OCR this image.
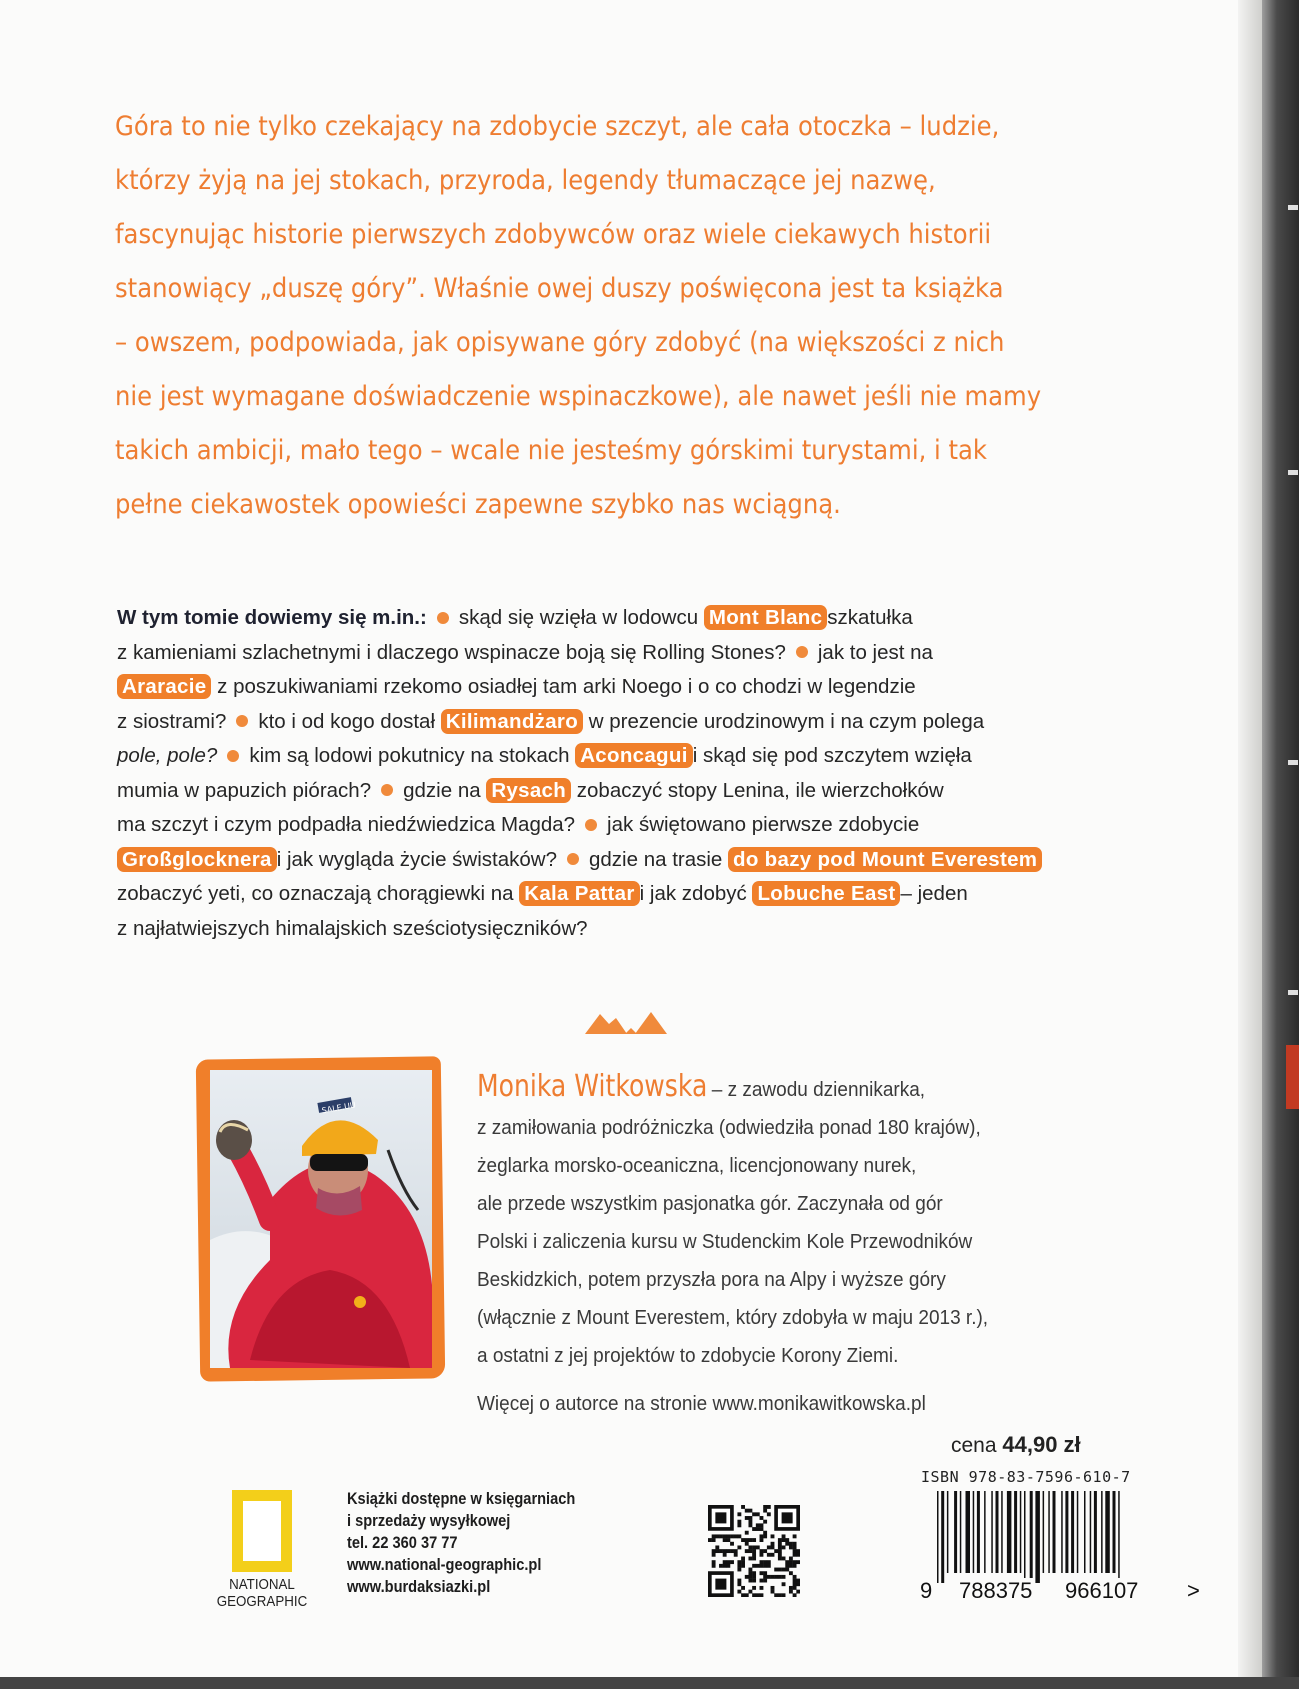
Góra to nie tylko czekający na zdobycie szczyt, ale cała otoczka – ludzie,
którzy żyją na jej stokach, przyroda, legendy tłumaczące jej nazwę,
fascynując historie pierwszych zdobywców oraz wiele ciekawych historii
stanowiący „duszę góry”. Właśnie owej duszy poświęcona jest ta książka
– owszem, podpowiada, jak opisywane góry zdobyć (na większości z nich
nie jest wymagane doświadczenie wspinaczkowe), ale nawet jeśli nie mamy
takich ambicji, mało tego – wcale nie jesteśmy górskimi turystami, i tak
pełne ciekawostek opowieści zapewne szybko nas wciągną.
W tym tomie dowiemy się m.in.: skąd się wzięła w lodowcu Mont Blanc szkatułka
z kamieniami szlachetnymi i dlaczego wspinacze boją się Rolling Stones? jak to jest na
Araracie z poszukiwaniami rzekomo osiadłej tam arki Noego i o co chodzi w legendzie
z siostrami? kto i od kogo dostał Kilimandżaro w prezencie urodzinowym i na czym polega
pole, pole? kim są lodowi pokutnicy na stokach Aconcagui i skąd się pod szczytem wzięła
mumia w papuzich piórach? gdzie na Rysach zobaczyć stopy Lenina, ile wierzchołków
ma szczyt i czym podpadła niedźwiedzica Magda? jak świętowano pierwsze zdobycie
Großglocknera i jak wygląda życie świstaków? gdzie na trasie do bazy pod Mount Everestem
zobaczyć yeti, co oznaczają chorągiewki na Kala Pattar i jak zdobyć Lobuche East – jeden
z najłatwiejszych himalajskich sześciotysięczników?
SALE.UU
Monika Witkowska – z zawodu dziennikarka,
z zamiłowania podróżniczka (odwiedziła ponad 180 krajów),
żeglarka morsko-oceaniczna, licencjonowany nurek,
ale przede wszystkim pasjonatka gór. Zaczynała od gór
Polski i zaliczenia kursu w Studenckim Kole Przewodników
Beskidzkich, potem przyszła pora na Alpy i wyższe góry
(włącznie z Mount Everestem, który zdobyła w maju 2013 r.),
a ostatni z jej projektów to zdobycie Korony Ziemi.
Więcej o autorce na stronie www.monikawitkowska.pl
cena 44,90 zł
ISBN 978-83-7596-610-7
9 788375 966107 >
NATIONAL
GEOGRAPHIC
Książki dostępne w księgarniach
i sprzedaży wysyłkowej
tel. 22 360 37 77
www.national-geographic.pl
www.burdaksiazki.pl
